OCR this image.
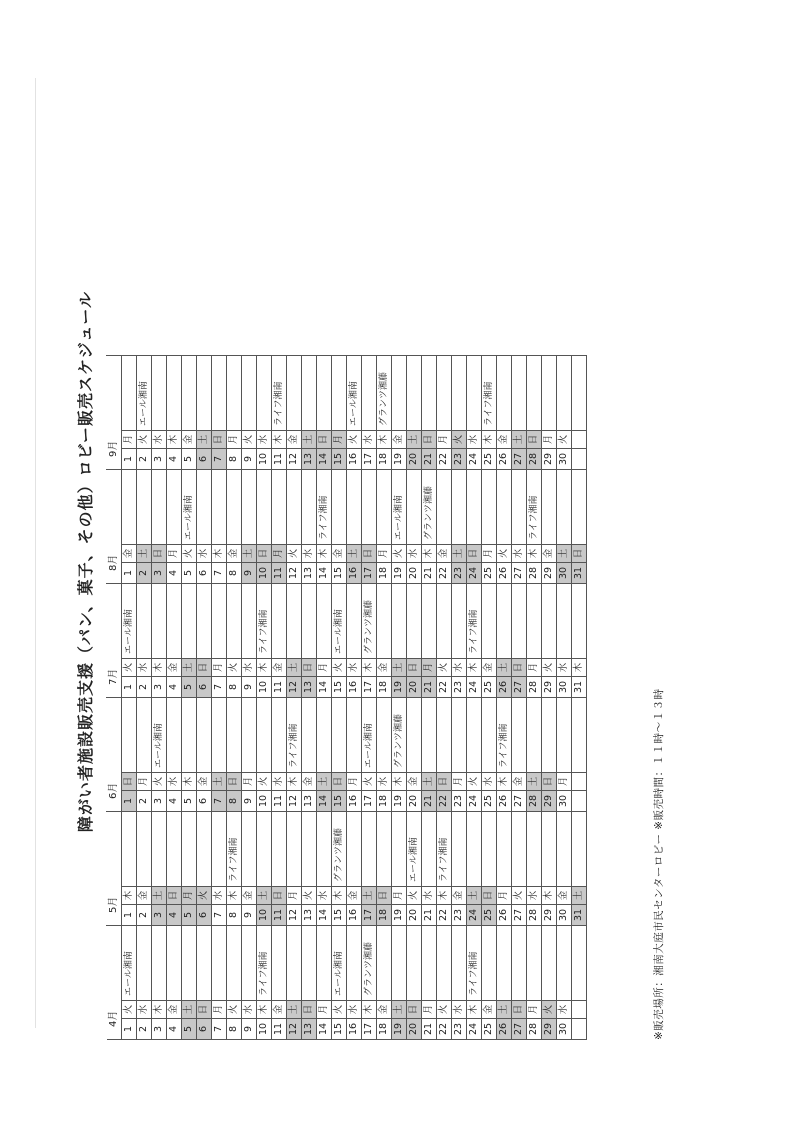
障がい者施設販売支援（パン、菓子、その他）ロビー販売スケジュール
4月			5月			6月			7月			8月			9月		
1	火	エール湘南	1	木		1	日		1	火	エール湘南	1	金		1	月	
2	水		2	金		2	月		2	水		2	土		2	火	エール湘南
3	木		3	土		3	火	エール湘南	3	木		3	日		3	水	
4	金		4	日		4	水		4	金		4	月		4	木	
5	土		5	月		5	木		5	土		5	火	エール湘南	5	金	
6	日		6	火		6	金		6	日		6	水		6	土	
7	月		7	水		7	土		7	月		7	木		7	日	
8	火		8	木	ライフ湘南	8	日		8	火		8	金		8	月	
9	水		9	金		9	月		9	水		9	土		9	火	
10	木	ライフ湘南	10	土		10	火		10	木	ライフ湘南	10	日		10	水	
11	金		11	日		11	水		11	金		11	月		11	木	ライフ湘南
12	土		12	月		12	木	ライフ湘南	12	土		12	火		12	金	
13	日		13	火		13	金		13	日		13	水		13	土	
14	月		14	水		14	土		14	月		14	木	ライフ湘南	14	日	
15	火	エール湘南	15	木	グランツ湘藤	15	日		15	火	エール湘南	15	金		15	月	
16	水		16	金		16	月		16	水		16	土		16	火	エール湘南
17	木	グランツ湘藤	17	土		17	火	エール湘南	17	木	グランツ湘藤	17	日		17	水	
18	金		18	日		18	水		18	金		18	月		18	木	グランツ湘藤
19	土		19	月		19	木	グランツ湘藤	19	土		19	火	エール湘南	19	金	
20	日		20	火	エール湘南	20	金		20	日		20	水		20	土	
21	月		21	水		21	土		21	月		21	木	グランツ湘藤	21	日	
22	火		22	木	ライフ湘南	22	日		22	火		22	金		22	月	
23	水		23	金		23	月		23	水		23	土		23	火	
24	木	ライフ湘南	24	土		24	火		24	木	ライフ湘南	24	日		24	水	
25	金		25	日		25	水		25	金		25	月		25	木	ライフ湘南
26	土		26	月		26	木	ライフ湘南	26	土		26	火		26	金	
27	日		27	火		27	金		27	日		27	水		27	土	
28	月		28	水		28	土		28	月		28	木	ライフ湘南	28	日	
29	火		29	木		29	日		29	火		29	金		29	月	
30	水		30	金		30	月		30	水		30	土		30	火	
			31	土					31	木		31	日				
※販売場所：湘南大庭市民センターロビー ※販売時間：１１時～１３時
